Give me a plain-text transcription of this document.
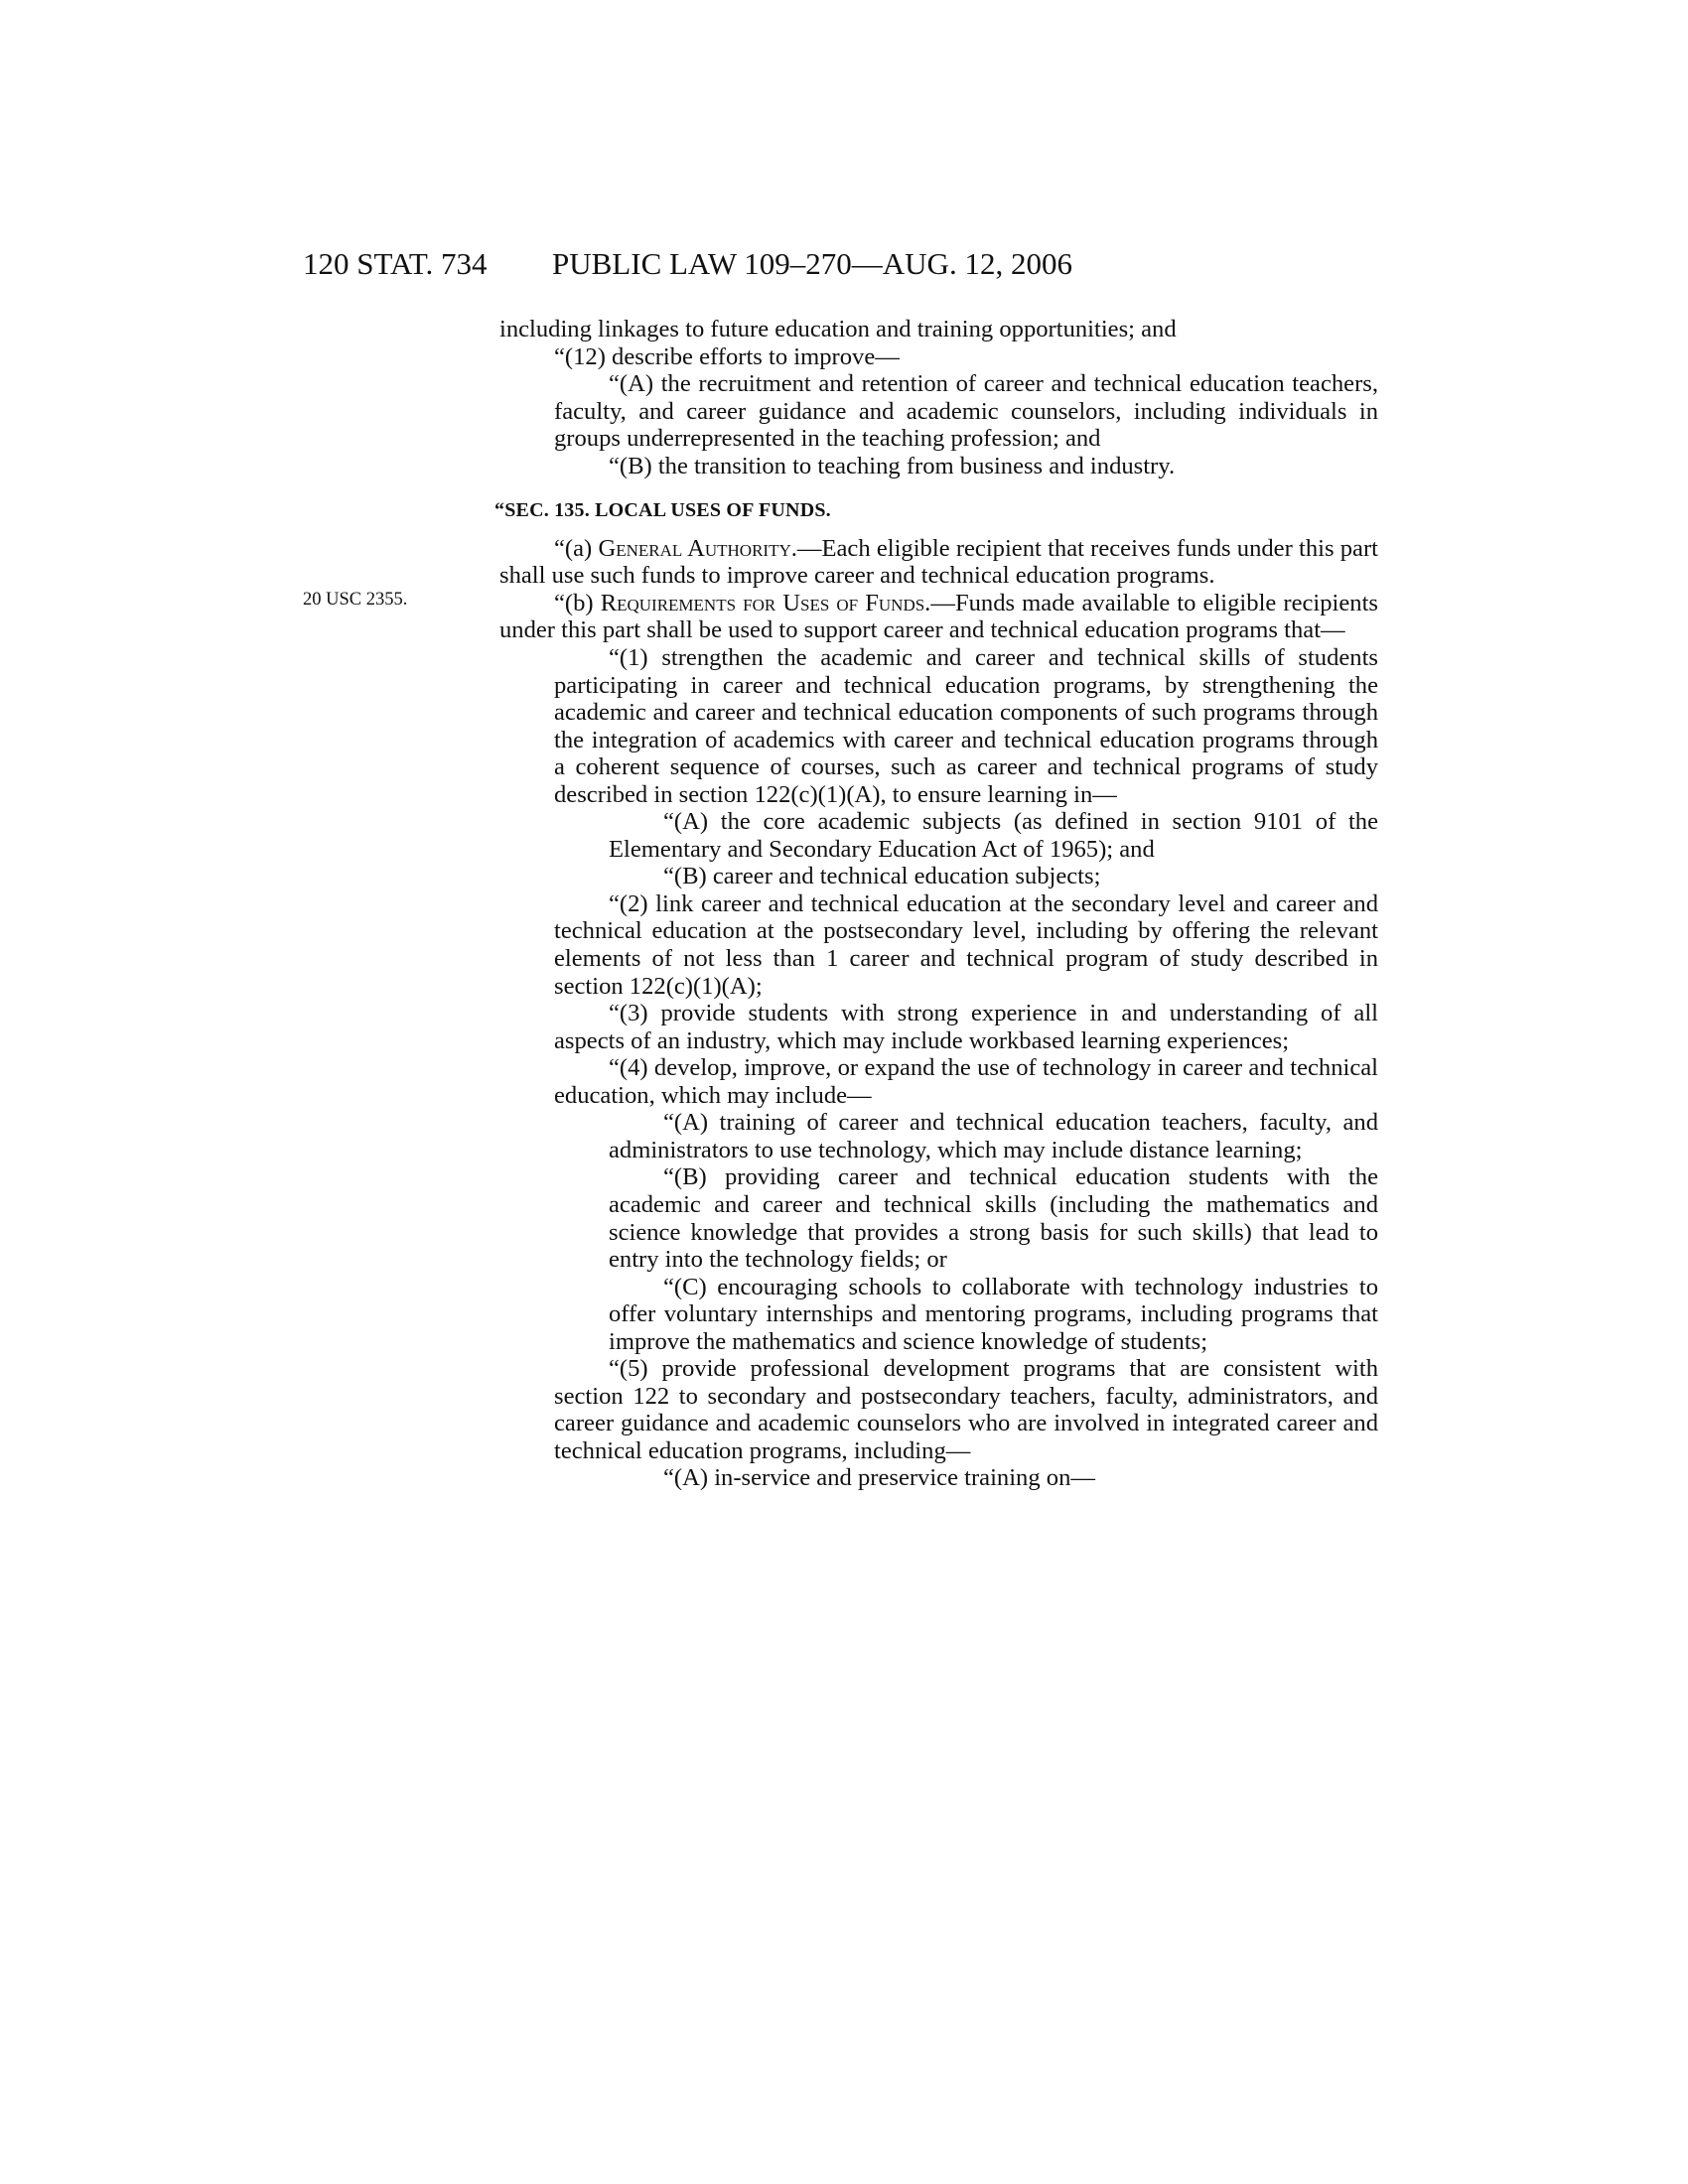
120 STAT. 734 PUBLIC LAW 109–270—AUG. 12, 2006
20 USC 2355.

including linkages to future education and training opportunities; and

“(12) describe efforts to improve—

“(A) the recruitment and retention of career and technical education teachers, faculty, and career guidance and academic counselors, including individuals in groups underrepresented in the teaching profession; and

“(B) the transition to teaching from business and industry.

“SEC. 135. LOCAL USES OF FUNDS.

“(a) General Authority.—Each eligible recipient that receives funds under this part shall use such funds to improve career and technical education programs.

“(b) Requirements for Uses of Funds.—Funds made available to eligible recipients under this part shall be used to support career and technical education programs that—

“(1) strengthen the academic and career and technical skills of students participating in career and technical education programs, by strengthening the academic and career and technical education components of such programs through the integration of academics with career and technical education programs through a coherent sequence of courses, such as career and technical programs of study described in section 122(c)(1)(A), to ensure learning in—

“(A) the core academic subjects (as defined in section 9101 of the Elementary and Secondary Education Act of 1965); and

“(B) career and technical education subjects;

“(2) link career and technical education at the secondary level and career and technical education at the postsecondary level, including by offering the relevant elements of not less than 1 career and technical program of study described in section 122(c)(1)(A);

“(3) provide students with strong experience in and understanding of all aspects of an industry, which may include workbased learning experiences;

“(4) develop, improve, or expand the use of technology in career and technical education, which may include—

“(A) training of career and technical education teachers, faculty, and administrators to use technology, which may include distance learning;

“(B) providing career and technical education students with the academic and career and technical skills (including the mathematics and science knowledge that provides a strong basis for such skills) that lead to entry into the technology fields; or

“(C) encouraging schools to collaborate with technology industries to offer voluntary internships and mentoring programs, including programs that improve the mathematics and science knowledge of students;

“(5) provide professional development programs that are consistent with section 122 to secondary and postsecondary teachers, faculty, administrators, and career guidance and academic counselors who are involved in integrated career and technical education programs, including—

“(A) in-service and preservice training on—
